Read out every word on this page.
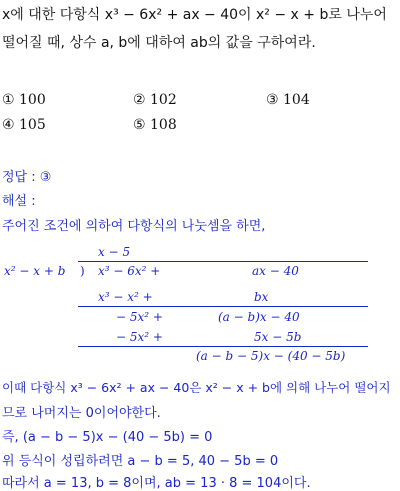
x에 대한 다항식 x³ − 6x² + ax − 40이 x² − x + b로 나누어
떨어질 때, 상수 a, b에 대하여 ab의 값을 구하여라.
① 100	② 102	③ 104
④ 105	⑤ 108
정답 : ③
해설 :
주어진 조건에 의하여 다항식의 나눗셈을 하면,
x − 5
x² − x + b ) x³ − 6x² +	ax − 40
x³ − x² +	bx
− 5x² +	(a − b)x − 40
− 5x² +	5x − 5b
(a − b − 5)x − (40 − 5b)
이때 다항식 x³ − 6x² + ax − 40은 x² − x + b에 의해 나누어 떨어지
므로 나머지는 0이어야한다.
즉, (a − b − 5)x − (40 − 5b) = 0
위 등식이 성립하려면 a − b = 5, 40 − 5b = 0
따라서 a = 13, b = 8이며, ab = 13 · 8 = 104이다.
